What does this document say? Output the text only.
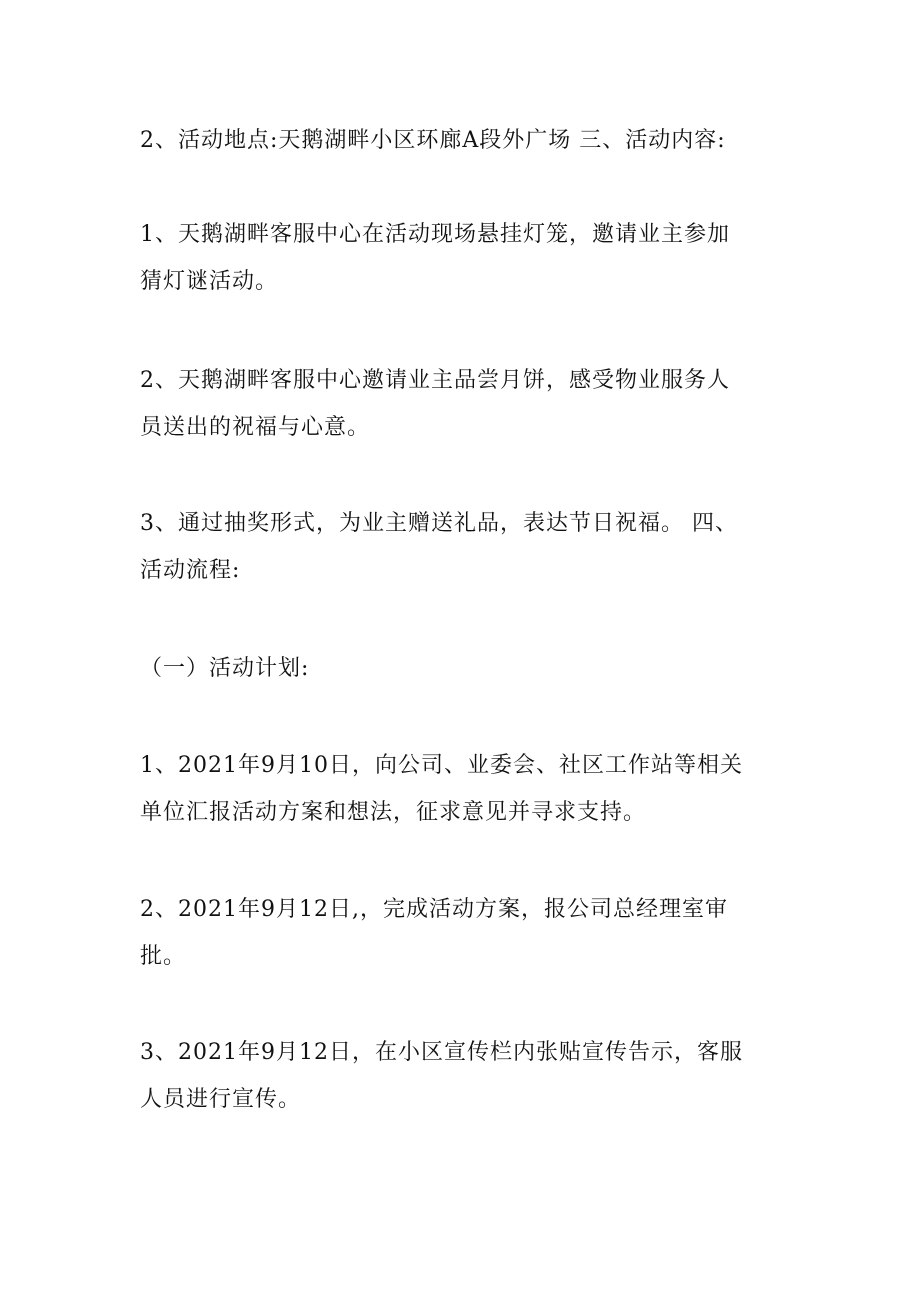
2、活动地点:天鹅湖畔小区环廊A段外广场 三、活动内容:

1、天鹅湖畔客服中心在活动现场悬挂灯笼，邀请业主参加
猜灯谜活动。

2、天鹅湖畔客服中心邀请业主品尝月饼，感受物业服务人
员送出的祝福与心意。

3、通过抽奖形式，为业主赠送礼品，表达节日祝福。 四、
活动流程:

（一）活动计划:

1、2021年9月10日，向公司、业委会、社区工作站等相关
单位汇报活动方案和想法，征求意见并寻求支持。

2、2021年9月12日,，完成活动方案，报公司总经理室审
批。

3、2021年9月12日，在小区宣传栏内张贴宣传告示，客服
人员进行宣传。
